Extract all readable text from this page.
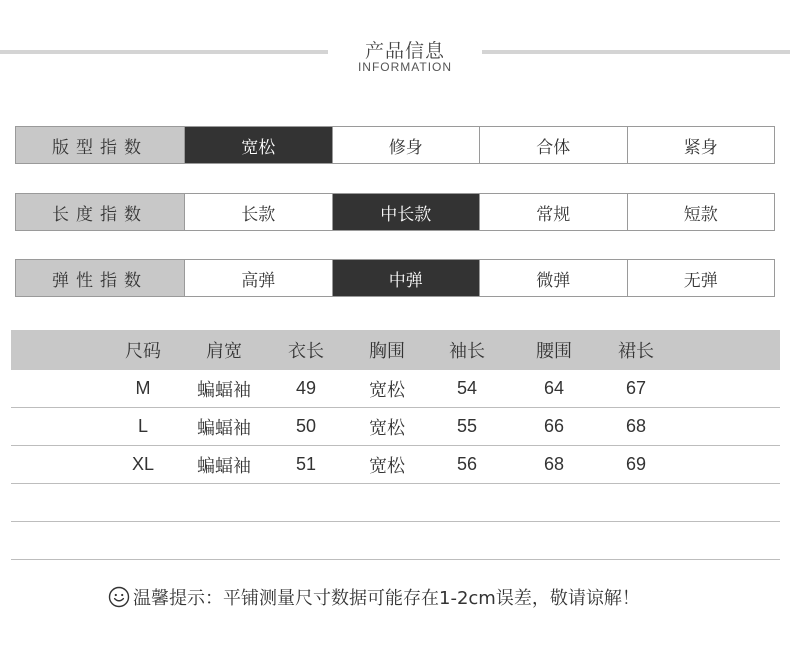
产品信息
INFORMATION
版型指数	宽松	修身	合体	紧身
长度指数	长款	中长款	常规	短款
弹性指数	高弹	中弹	微弹	无弹
尺码	肩宽	衣长	胸围	袖长	腰围	裙长
M	蝙蝠袖	49	宽松	54	64	67
L	蝙蝠袖	50	宽松	55	66	68
XL	蝙蝠袖	51	宽松	56	68	69
温馨提示：平铺测量尺寸数据可能存在1-2cm误差，敬请谅解！
